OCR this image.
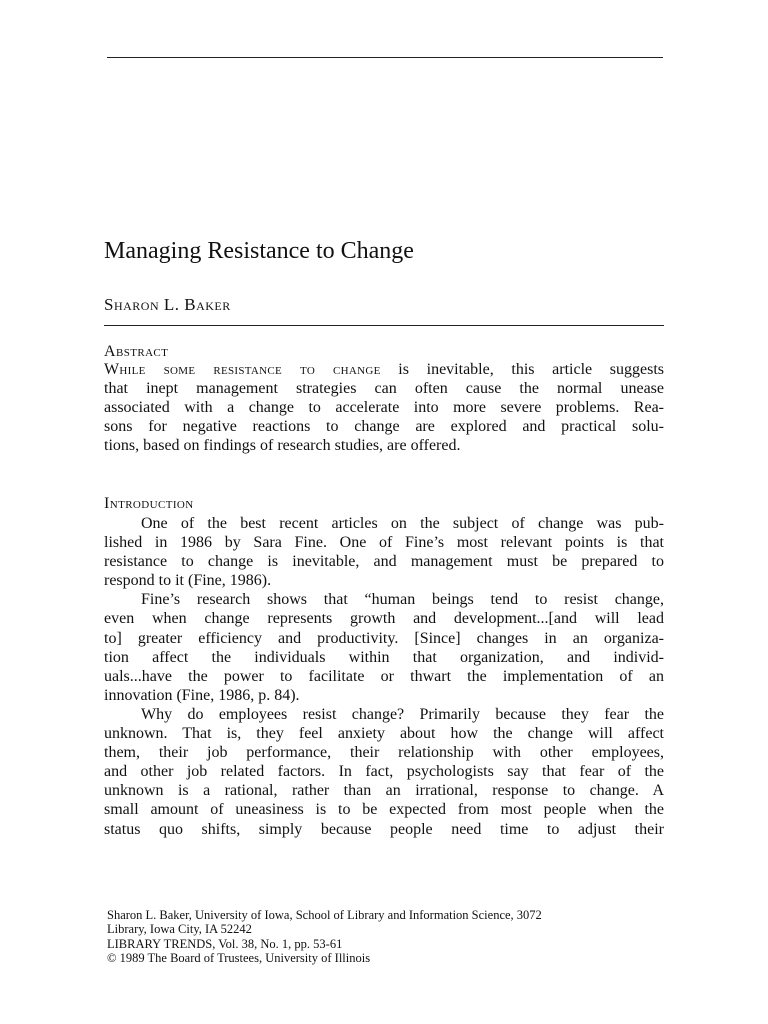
Managing Resistance to Change
Sharon L. Baker
Abstract
While some resistance to change is inevitable, this article suggests
that inept management strategies can often cause the normal unease
associated with a change to accelerate into more severe problems. Rea-
sons for negative reactions to change are explored and practical solu-
tions, based on findings of research studies, are offered.
Introduction
One of the best recent articles on the subject of change was pub-
lished in 1986 by Sara Fine. One of Fine’s most relevant points is that
resistance to change is inevitable, and management must be prepared to
respond to it (Fine, 1986).
Fine’s research shows that “human beings tend to resist change,
even when change represents growth and development...[and will lead
to] greater efficiency and productivity. [Since] changes in an organiza-
tion affect the individuals within that organization, and individ-
uals...have the power to facilitate or thwart the implementation of an
innovation (Fine, 1986, p. 84).
Why do employees resist change? Primarily because they fear the
unknown. That is, they feel anxiety about how the change will affect
them, their job performance, their relationship with other employees,
and other job related factors. In fact, psychologists say that fear of the
unknown is a rational, rather than an irrational, response to change. A
small amount of uneasiness is to be expected from most people when the
status quo shifts, simply because people need time to adjust their
Sharon L. Baker, University of Iowa, School of Library and Information Science, 3072
Library, Iowa City, IA 52242
LIBRARY TRENDS, Vol. 38, No. 1, pp. 53-61
© 1989 The Board of Trustees, University of Illinois
